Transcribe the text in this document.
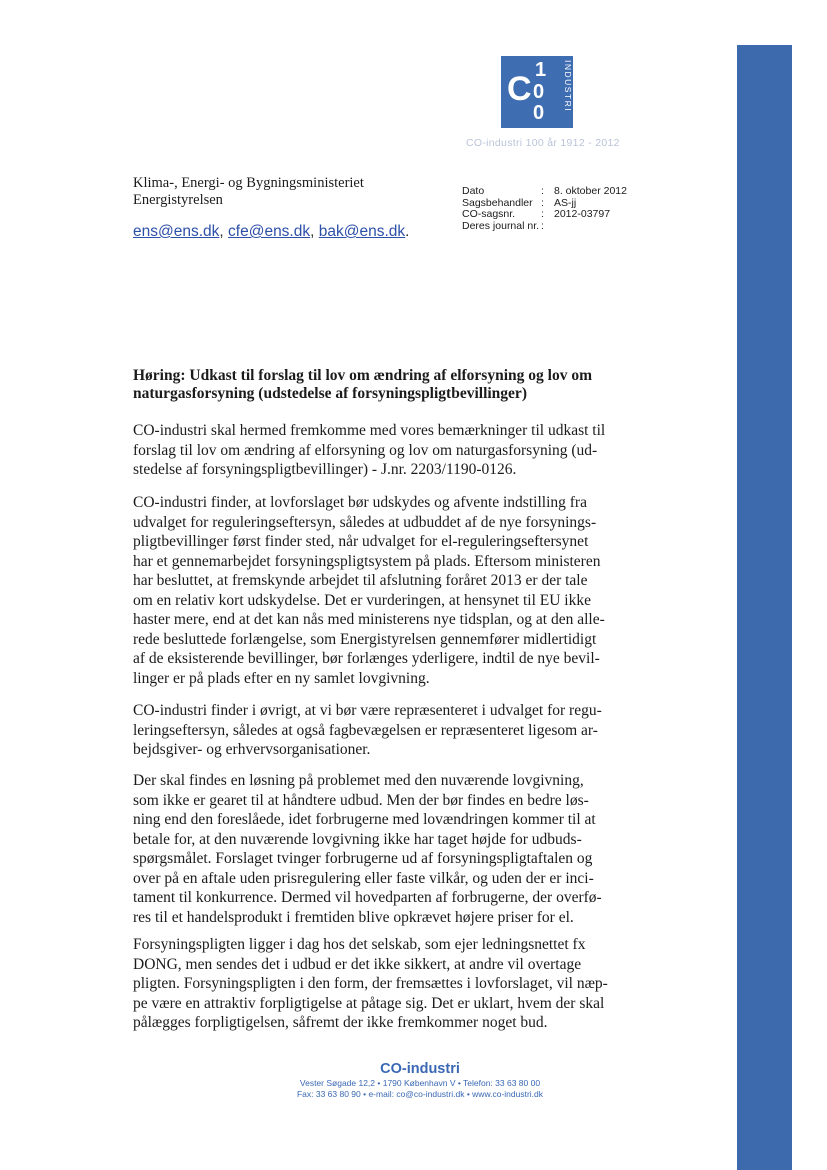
C 1
0
0
INDUSTRI
CO-industri 100 år 1912 - 2012
Klima-, Energi- og Bygningsministeriet
Energistyrelsen
ens@ens.dk, cfe@ens.dk, bak@ens.dk.
Dato	: 8. oktober 2012
Sagsbehandler : AS-jj
CO-sagsnr. : 2012-03797
Deres journal nr. :
Høring: Udkast til forslag til lov om ændring af elforsyning og lov om naturgasforsyning (udstedelse af forsyningspligtbevillinger)
CO-industri skal hermed fremkomme med vores bemærkninger til udkast til
forslag til lov om ændring af elforsyning og lov om naturgasforsyning (ud-
stedelse af forsyningspligtbevillinger) - J.nr. 2203/1190-0126.
CO-industri finder, at lovforslaget bør udskydes og afvente indstilling fra
udvalget for reguleringseftersyn, således at udbuddet af de nye forsynings-
pligtbevillinger først finder sted, når udvalget for el-reguleringseftersynet
har et gennemarbejdet forsyningspligtsystem på plads. Eftersom ministeren
har besluttet, at fremskynde arbejdet til afslutning foråret 2013 er der tale
om en relativ kort udskydelse. Det er vurderingen, at hensynet til EU ikke
haster mere, end at det kan nås med ministerens nye tidsplan, og at den alle-
rede besluttede forlængelse, som Energistyrelsen gennemfører midlertidigt
af de eksisterende bevillinger, bør forlænges yderligere, indtil de nye bevil-
linger er på plads efter en ny samlet lovgivning.
CO-industri finder i øvrigt, at vi bør være repræsenteret i udvalget for regu-
leringseftersyn, således at også fagbevægelsen er repræsenteret ligesom ar-
bejdsgiver- og erhvervsorganisationer.
Der skal findes en løsning på problemet med den nuværende lovgivning,
som ikke er gearet til at håndtere udbud. Men der bør findes en bedre løs-
ning end den foreslåede, idet forbrugerne med lovændringen kommer til at
betale for, at den nuværende lovgivning ikke har taget højde for udbuds-
spørgsmålet. Forslaget tvinger forbrugerne ud af forsyningspligtaftalen og
over på en aftale uden prisregulering eller faste vilkår, og uden der er inci-
tament til konkurrence. Dermed vil hovedparten af forbrugerne, der overfø-
res til et handelsprodukt i fremtiden blive opkrævet højere priser for el.
Forsyningspligten ligger i dag hos det selskab, som ejer ledningsnettet fx
DONG, men sendes det i udbud er det ikke sikkert, at andre vil overtage
pligten. Forsyningspligten i den form, der fremsættes i lovforslaget, vil næp-
pe være en attraktiv forpligtigelse at påtage sig. Det er uklart, hvem der skal
pålægges forpligtigelsen, såfremt der ikke fremkommer noget bud.
CO-industri
Vester Søgade 12,2 • 1790 København V • Telefon: 33 63 80 00
Fax: 33 63 80 90 • e-mail: co@co-industri.dk • www.co-industri.dk
